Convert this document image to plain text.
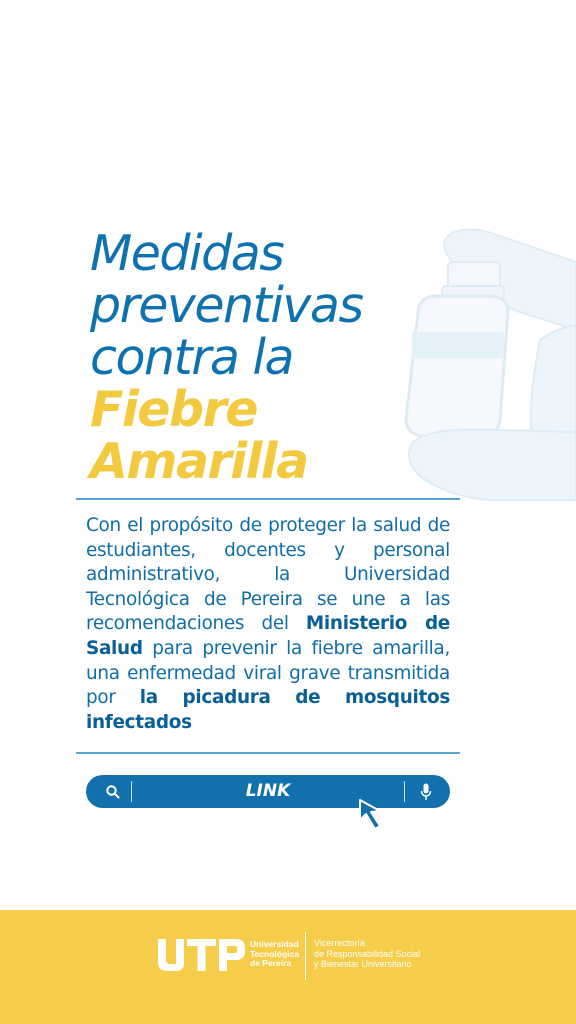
Medidas
preventivas
contra la
Fiebre
Amarilla

Con el propósito de proteger la salud de estudiantes, docentes y personal administrativo, la Universidad Tecnológica de Pereira se une a las recomendaciones del Ministerio de Salud para prevenir la fiebre amarilla, una enfermedad viral grave transmitida por la picadura de mosquitos infectados

LINK
Universidad
Tecnológica
de Pereira
Vicerrectoría
de Responsabilidad Social
y Bienestar Universitario
